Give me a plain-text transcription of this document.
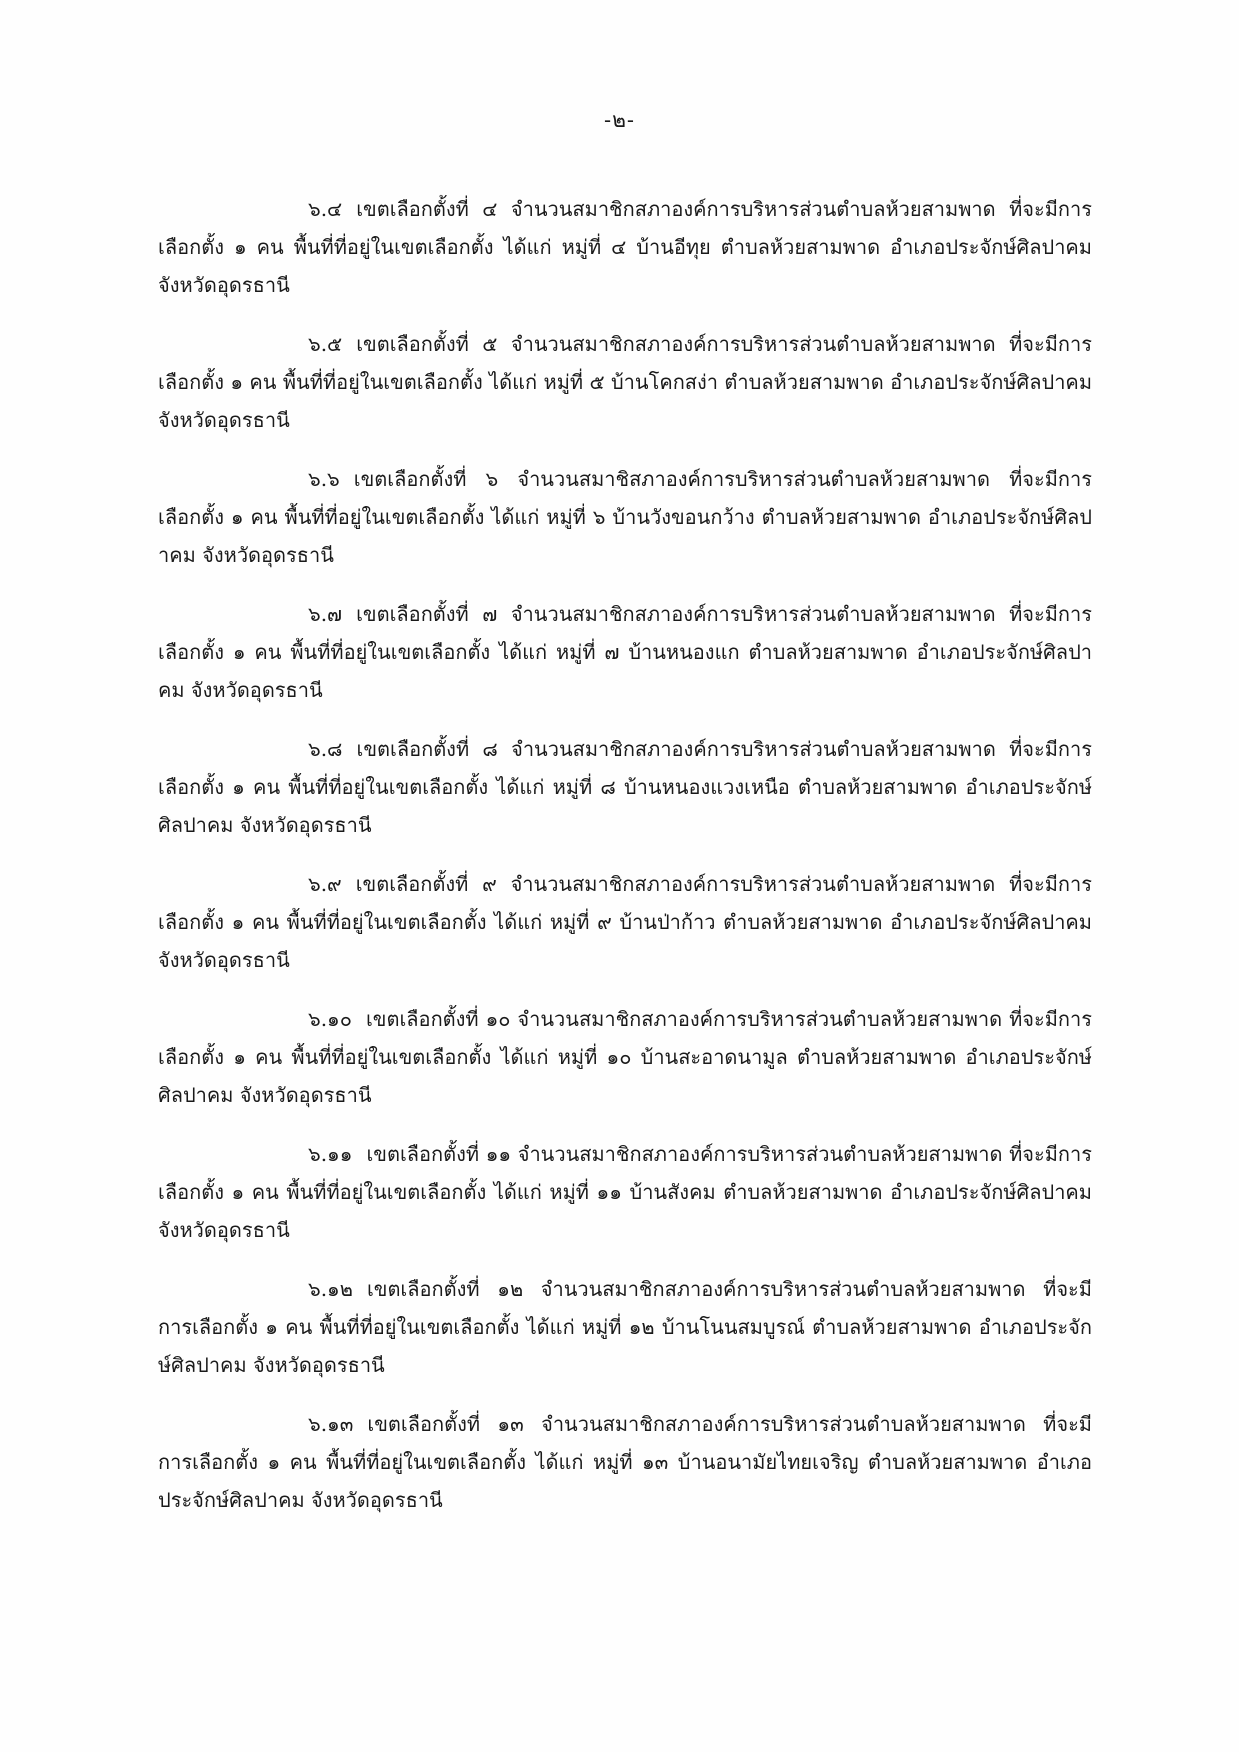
-๒-

๖.๔ เขตเลือกตั้งที่ ๔ จำนวนสมาชิกสภาองค์การบริหารส่วนตำบลห้วยสามพาด ที่จะมีการเลือกตั้ง ๑ คน พื้นที่ที่อยู่ในเขตเลือกตั้ง ได้แก่ หมู่ที่ ๔ บ้านอีทุย ตำบลห้วยสามพาด อำเภอประจักษ์ศิลปาคม จังหวัดอุดรธานี

๖.๕ เขตเลือกตั้งที่ ๕ จำนวนสมาชิกสภาองค์การบริหารส่วนตำบลห้วยสามพาด ที่จะมีการเลือกตั้ง ๑ คน พื้นที่ที่อยู่ในเขตเลือกตั้ง ได้แก่ หมู่ที่ ๕ บ้านโคกสง่า ตำบลห้วยสามพาด อำเภอประจักษ์ศิลปาคม จังหวัดอุดรธานี

๖.๖ เขตเลือกตั้งที่ ๖ จำนวนสมาชิสภาองค์การบริหารส่วนตำบลห้วยสามพาด ที่จะมีการเลือกตั้ง ๑ คน พื้นที่ที่อยู่ในเขตเลือกตั้ง ได้แก่ หมู่ที่ ๖ บ้านวังขอนกว้าง ตำบลห้วยสามพาด อำเภอประจักษ์ศิลปาคม จังหวัดอุดรธานี

๖.๗ เขตเลือกตั้งที่ ๗ จำนวนสมาชิกสภาองค์การบริหารส่วนตำบลห้วยสามพาด ที่จะมีการเลือกตั้ง ๑ คน พื้นที่ที่อยู่ในเขตเลือกตั้ง ได้แก่ หมู่ที่ ๗ บ้านหนองแก ตำบลห้วยสามพาด อำเภอประจักษ์ศิลปาคม จังหวัดอุดรธานี

๖.๘ เขตเลือกตั้งที่ ๘ จำนวนสมาชิกสภาองค์การบริหารส่วนตำบลห้วยสามพาด ที่จะมีการเลือกตั้ง ๑ คน พื้นที่ที่อยู่ในเขตเลือกตั้ง ได้แก่ หมู่ที่ ๘ บ้านหนองแวงเหนือ ตำบลห้วยสามพาด อำเภอประจักษ์ศิลปาคม จังหวัดอุดรธานี

๖.๙ เขตเลือกตั้งที่ ๙ จำนวนสมาชิกสภาองค์การบริหารส่วนตำบลห้วยสามพาด ที่จะมีการเลือกตั้ง ๑ คน พื้นที่ที่อยู่ในเขตเลือกตั้ง ได้แก่ หมู่ที่ ๙ บ้านป่าก้าว ตำบลห้วยสามพาด อำเภอประจักษ์ศิลปาคม จังหวัดอุดรธานี

๖.๑๐ เขตเลือกตั้งที่ ๑๐ จำนวนสมาชิกสภาองค์การบริหารส่วนตำบลห้วยสามพาด ที่จะมีการเลือกตั้ง ๑ คน พื้นที่ที่อยู่ในเขตเลือกตั้ง ได้แก่ หมู่ที่ ๑๐ บ้านสะอาดนามูล ตำบลห้วยสามพาด อำเภอประจักษ์ศิลปาคม จังหวัดอุดรธานี

๖.๑๑ เขตเลือกตั้งที่ ๑๑ จำนวนสมาชิกสภาองค์การบริหารส่วนตำบลห้วยสามพาด ที่จะมีการเลือกตั้ง ๑ คน พื้นที่ที่อยู่ในเขตเลือกตั้ง ได้แก่ หมู่ที่ ๑๑ บ้านสังคม ตำบลห้วยสามพาด อำเภอประจักษ์ศิลปาคม จังหวัดอุดรธานี

๖.๑๒ เขตเลือกตั้งที่ ๑๒ จำนวนสมาชิกสภาองค์การบริหารส่วนตำบลห้วยสามพาด ที่จะมีการเลือกตั้ง ๑ คน พื้นที่ที่อยู่ในเขตเลือกตั้ง ได้แก่ หมู่ที่ ๑๒ บ้านโนนสมบูรณ์ ตำบลห้วยสามพาด อำเภอประจักษ์ศิลปาคม จังหวัดอุดรธานี

๖.๑๓ เขตเลือกตั้งที่ ๑๓ จำนวนสมาชิกสภาองค์การบริหารส่วนตำบลห้วยสามพาด ที่จะมีการเลือกตั้ง ๑ คน พื้นที่ที่อยู่ในเขตเลือกตั้ง ได้แก่ หมู่ที่ ๑๓ บ้านอนามัยไทยเจริญ ตำบลห้วยสามพาด อำเภอประจักษ์ศิลปาคม จังหวัดอุดรธานี
